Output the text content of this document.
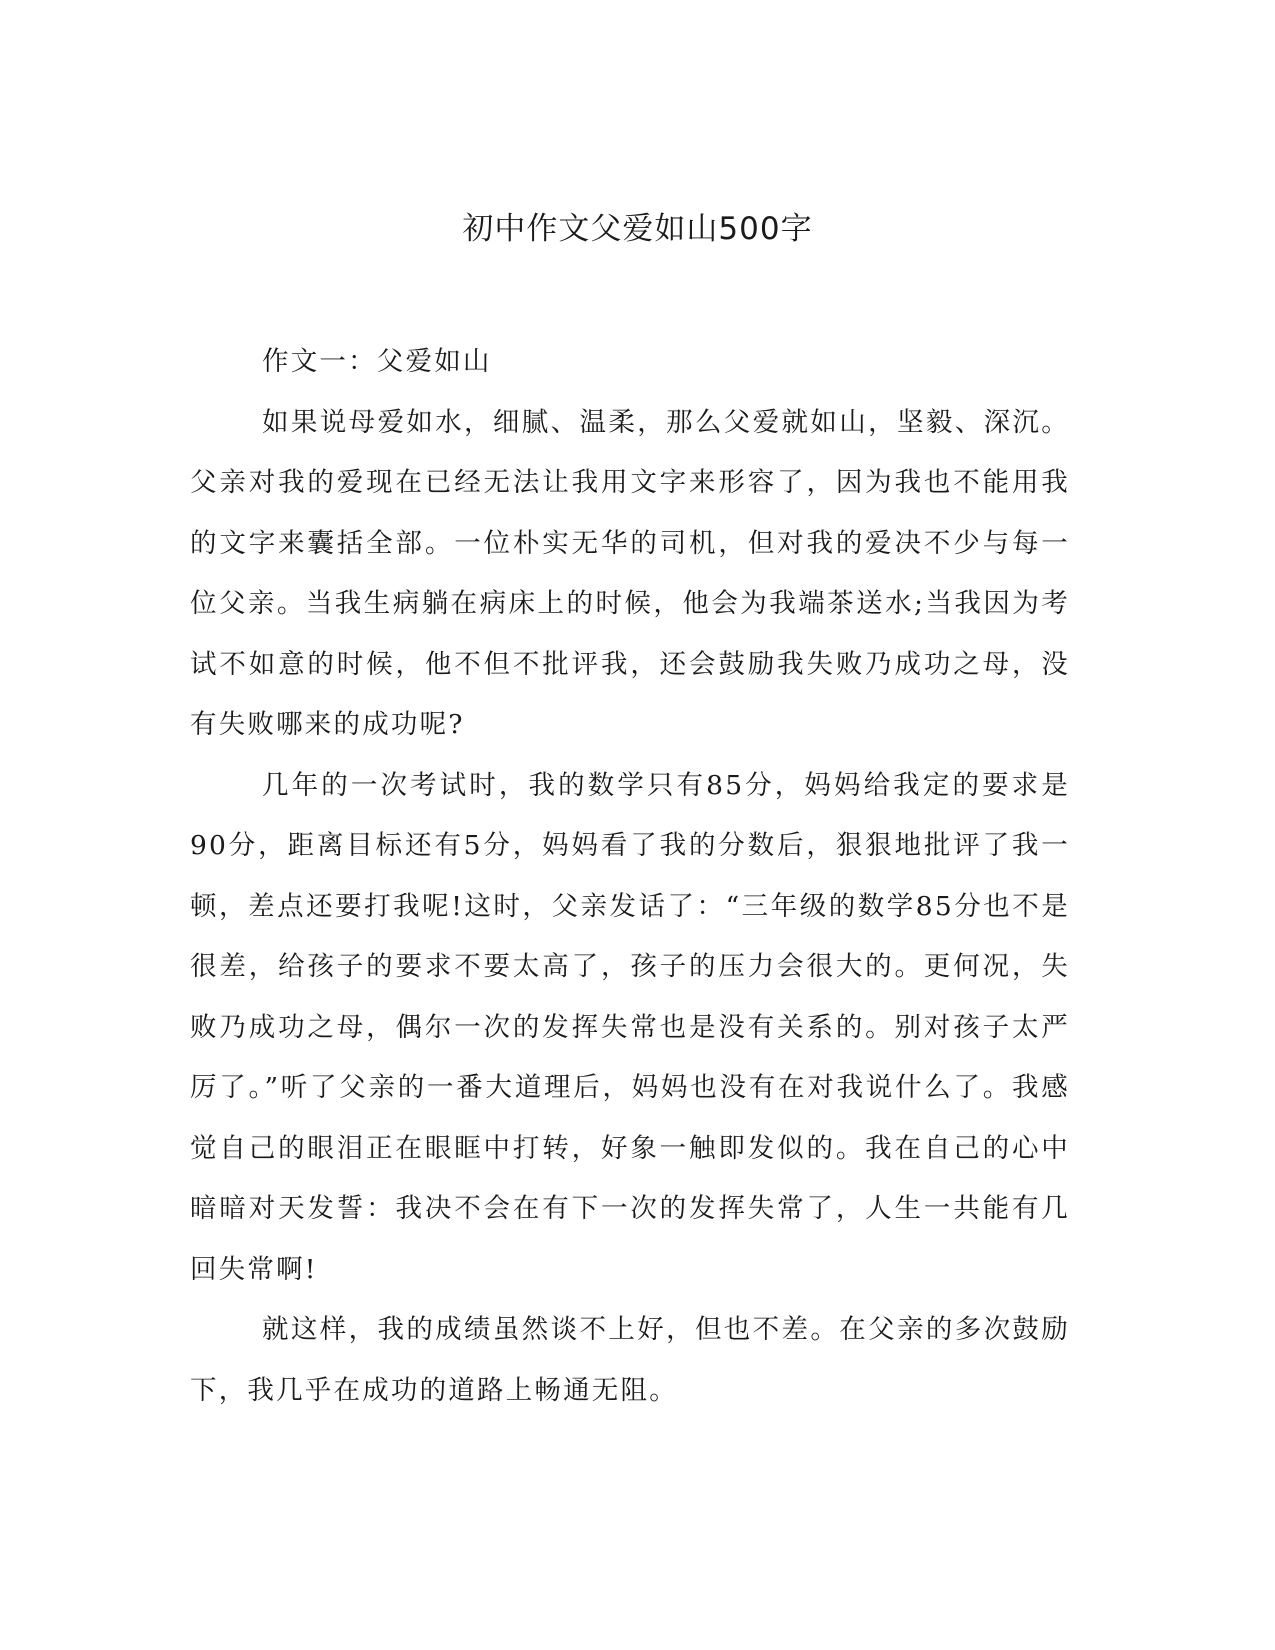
初中作文父爱如山500字

作文一：父爱如山

如果说母爱如水，细腻、温柔，那么父爱就如山，坚毅、深沉。父亲对我的爱现在已经无法让我用文字来形容了，因为我也不能用我的文字来囊括全部。一位朴实无华的司机，但对我的爱决不少与每一位父亲。当我生病躺在病床上的时候，他会为我端茶送水;当我因为考试不如意的时候，他不但不批评我，还会鼓励我失败乃成功之母，没有失败哪来的成功呢?

几年的一次考试时，我的数学只有85分，妈妈给我定的要求是90分，距离目标还有5分，妈妈看了我的分数后，狠狠地批评了我一顿，差点还要打我呢!这时，父亲发话了：“三年级的数学85分也不是很差，给孩子的要求不要太高了，孩子的压力会很大的。更何况，失败乃成功之母，偶尔一次的发挥失常也是没有关系的。别对孩子太严厉了。”听了父亲的一番大道理后，妈妈也没有在对我说什么了。我感觉自己的眼泪正在眼眶中打转，好象一触即发似的。我在自己的心中暗暗对天发誓：我决不会在有下一次的发挥失常了，人生一共能有几回失常啊!

就这样，我的成绩虽然谈不上好，但也不差。在父亲的多次鼓励下，我几乎在成功的道路上畅通无阻。
